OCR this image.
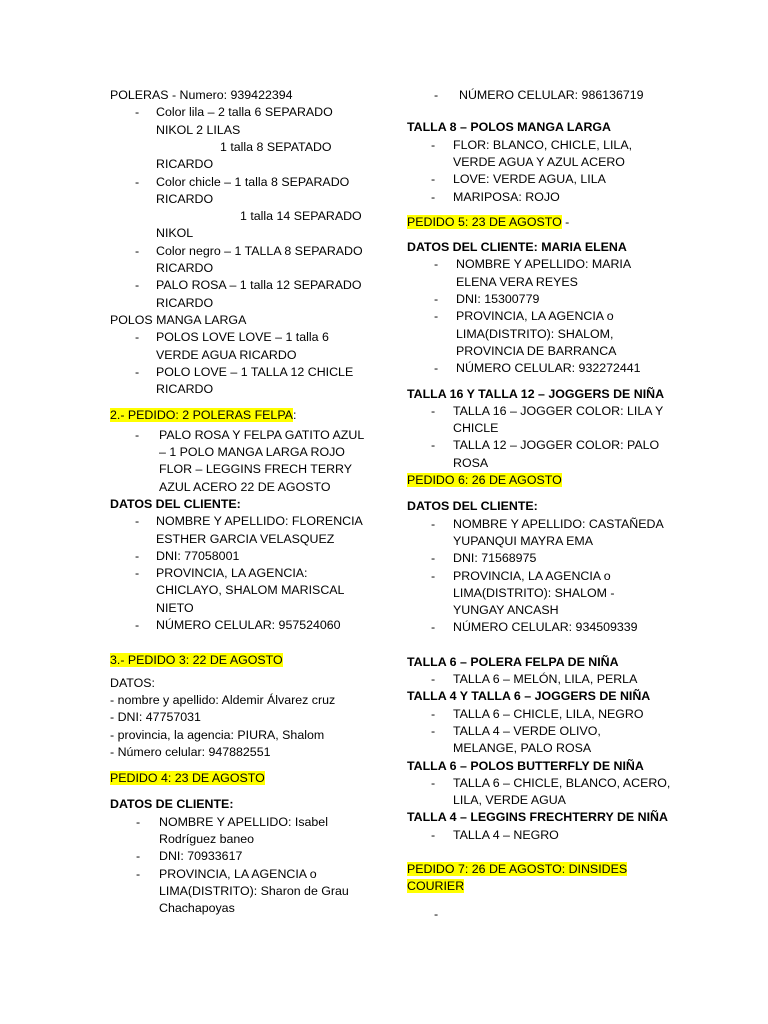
POLERAS - Numero: 939422394
- Color lila – 2 talla 6 SEPARADO
NIKOL 2 LILAS
1 talla 8 SEPATADO
RICARDO
- Color chicle – 1 talla 8 SEPARADO
RICARDO
1 talla 14 SEPARADO
NIKOL
- Color negro – 1 TALLA 8 SEPARADO
RICARDO
- PALO ROSA – 1 talla 12 SEPARADO
RICARDO
POLOS MANGA LARGA
- POLOS LOVE LOVE – 1 talla 6
VERDE AGUA RICARDO
- POLO LOVE – 1 TALLA 12 CHICLE
RICARDO
2.- PEDIDO: 2 POLERAS FELPA:
- PALO ROSA Y FELPA GATITO AZUL
– 1 POLO MANGA LARGA ROJO
FLOR – LEGGINS FRECH TERRY
AZUL ACERO 22 DE AGOSTO
DATOS DEL CLIENTE:
- NOMBRE Y APELLIDO: FLORENCIA
ESTHER GARCIA VELASQUEZ
- DNI: 77058001
- PROVINCIA, LA AGENCIA:
CHICLAYO, SHALOM MARISCAL
NIETO
- NÚMERO CELULAR: 957524060
3.- PEDIDO 3: 22 DE AGOSTO
DATOS:
- nombre y apellido: Aldemir Álvarez cruz
- DNI: 47757031
- provincia, la agencia: PIURA, Shalom
- Número celular: 947882551
PEDIDO 4: 23 DE AGOSTO
DATOS DE CLIENTE:
- NOMBRE Y APELLIDO: Isabel
Rodríguez baneo
- DNI: 70933617
- PROVINCIA, LA AGENCIA o
LIMA(DISTRITO): Sharon de Grau
Chachapoyas
- NÚMERO CELULAR: 986136719
TALLA 8 – POLOS MANGA LARGA
- FLOR: BLANCO, CHICLE, LILA,
VERDE AGUA Y AZUL ACERO
- LOVE: VERDE AGUA, LILA
- MARIPOSA: ROJO
PEDIDO 5: 23 DE AGOSTO -
DATOS DEL CLIENTE: MARIA ELENA
- NOMBRE Y APELLIDO: MARIA
ELENA VERA REYES
- DNI: 15300779
- PROVINCIA, LA AGENCIA o
LIMA(DISTRITO): SHALOM,
PROVINCIA DE BARRANCA
- NÚMERO CELULAR: 932272441
TALLA 16 Y TALLA 12 – JOGGERS DE NIÑA
- TALLA 16 – JOGGER COLOR: LILA Y
CHICLE
- TALLA 12 – JOGGER COLOR: PALO
ROSA
PEDIDO 6: 26 DE AGOSTO
DATOS DEL CLIENTE:
- NOMBRE Y APELLIDO: CASTAÑEDA
YUPANQUI MAYRA EMA
- DNI: 71568975
- PROVINCIA, LA AGENCIA o
LIMA(DISTRITO): SHALOM -
YUNGAY ANCASH
- NÚMERO CELULAR: 934509339
TALLA 6 – POLERA FELPA DE NIÑA
- TALLA 6 – MELÓN, LILA, PERLA
TALLA 4 Y TALLA 6 – JOGGERS DE NIÑA
- TALLA 6 – CHICLE, LILA, NEGRO
- TALLA 4 – VERDE OLIVO,
MELANGE, PALO ROSA
TALLA 6 – POLOS BUTTERFLY DE NIÑA
- TALLA 6 – CHICLE, BLANCO, ACERO,
LILA, VERDE AGUA
TALLA 4 – LEGGINS FRECHTERRY DE NIÑA
- TALLA 4 – NEGRO
PEDIDO 7: 26 DE AGOSTO: DINSIDES
COURIER
-
